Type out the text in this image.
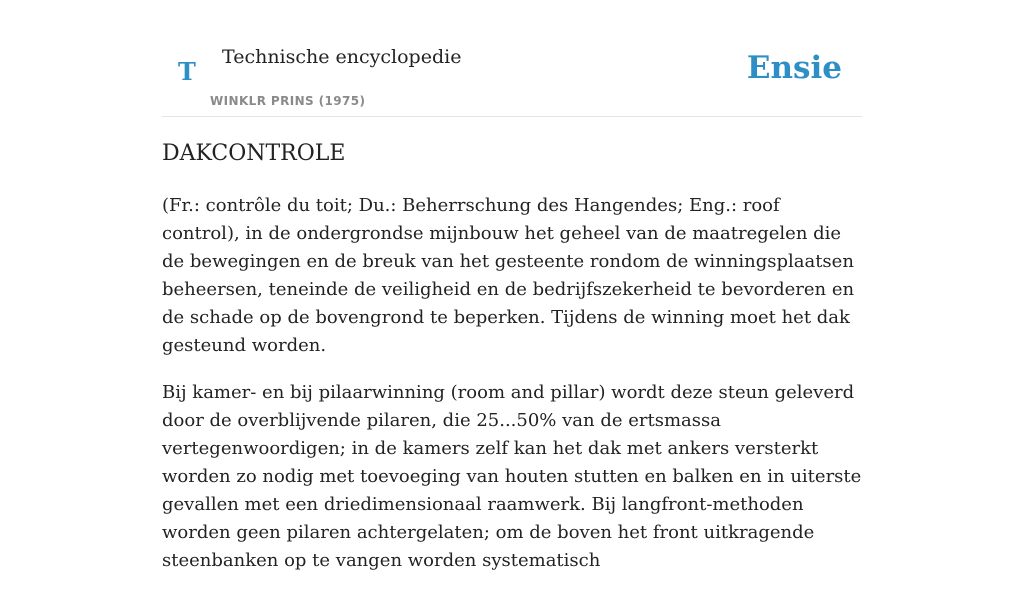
T Technische encyclopedie
WINKLR PRINS (1975)
Ensie
DAKCONTROLE

(Fr.: contrôle du toit; Du.: Beherrschung des Hangendes; Eng.: roof control), in de ondergrondse mijnbouw het geheel van de maatregelen die de bewegingen en de breuk van het gesteente rondom de winningsplaatsen beheersen, teneinde de veiligheid en de bedrijfszekerheid te bevorderen en de schade op de bovengrond te beperken. Tijdens de winning moet het dak gesteund worden.

Bij kamer- en bij pilaarwinning (room and pillar) wordt deze steun geleverd door de overblijvende pilaren, die 25...50% van de ertsmassa vertegenwoordigen; in de kamers zelf kan het dak met ankers versterkt worden zo nodig met toevoeging van houten stutten en balken en in uiterste gevallen met een driedimensionaal raamwerk. Bij langfront-methoden worden geen pilaren achtergelaten; om de boven het front uitkragende steenbanken op te vangen worden systematisch
